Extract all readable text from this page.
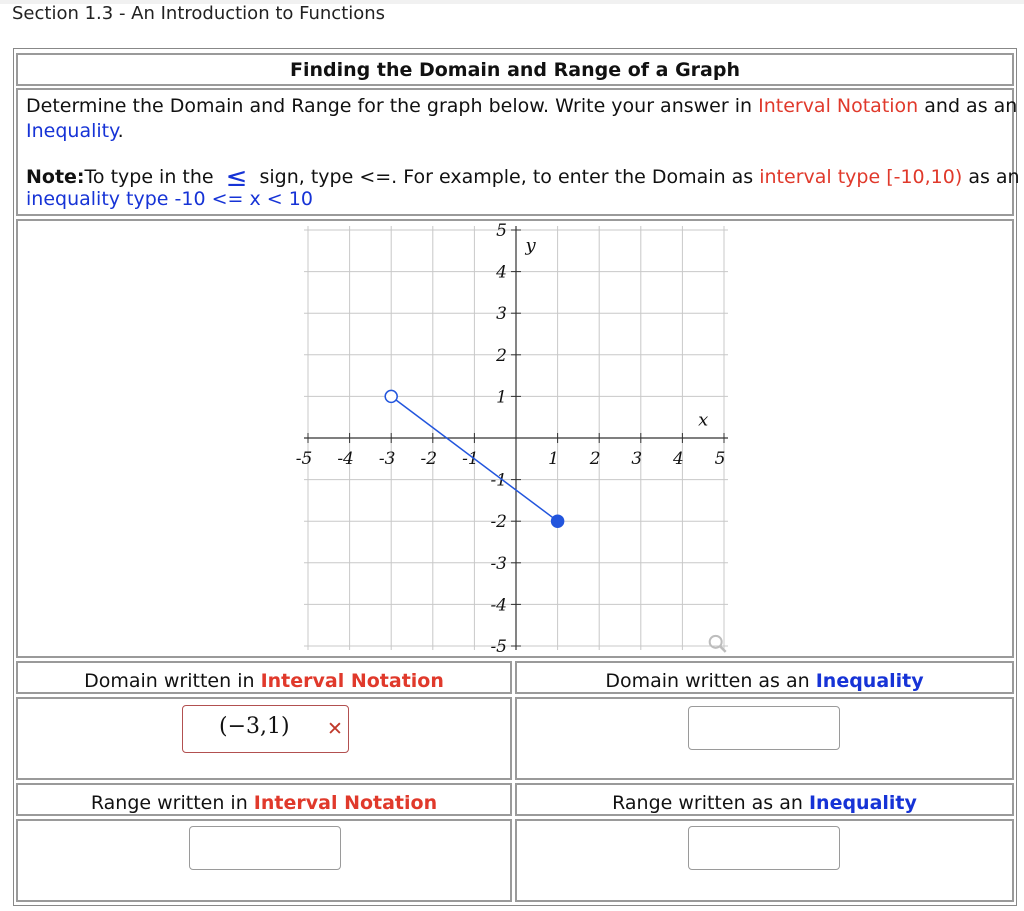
Section 1.3 - An Introduction to Functions
Finding the Domain and Range of a Graph
Determine the Domain and Range for the graph below. Write your answer in Interval Notation and as an
Inequality.
Note:To type in the ≤ sign, type <=. For example, to enter the Domain as interval type [-10,10) as an
inequality type -10 <= x < 10
-5 -4 -3 -2 -1	1 2 3 4 5
5
4
3
2
1
-1
-2
-3
-4
-5
x
y
Domain written in Interval Notation	Domain written as an Inequality
(−3,1) ✕
Range written in Interval Notation	Range written as an Inequality
